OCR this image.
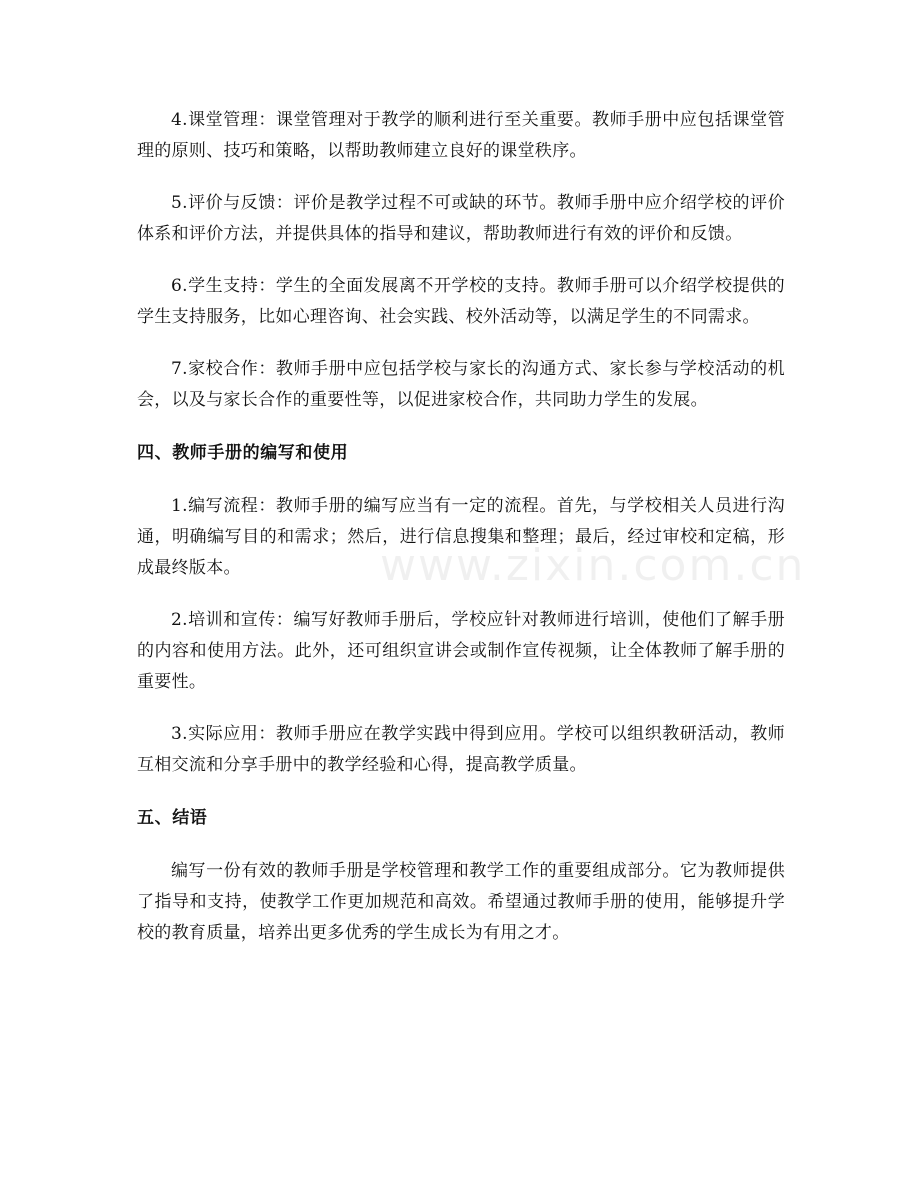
4.课堂管理：课堂管理对于教学的顺利进行至关重要。教师手册中应包括课堂管理的原则、技巧和策略，以帮助教师建立良好的课堂秩序。

5.评价与反馈：评价是教学过程不可或缺的环节。教师手册中应介绍学校的评价体系和评价方法，并提供具体的指导和建议，帮助教师进行有效的评价和反馈。

6.学生支持：学生的全面发展离不开学校的支持。教师手册可以介绍学校提供的学生支持服务，比如心理咨询、社会实践、校外活动等，以满足学生的不同需求。

7.家校合作：教师手册中应包括学校与家长的沟通方式、家长参与学校活动的机会，以及与家长合作的重要性等，以促进家校合作，共同助力学生的发展。

四、教师手册的编写和使用

1.编写流程：教师手册的编写应当有一定的流程。首先，与学校相关人员进行沟通，明确编写目的和需求；然后，进行信息搜集和整理；最后，经过审校和定稿，形成最终版本。

2.培训和宣传：编写好教师手册后，学校应针对教师进行培训，使他们了解手册的内容和使用方法。此外，还可组织宣讲会或制作宣传视频，让全体教师了解手册的重要性。

3.实际应用：教师手册应在教学实践中得到应用。学校可以组织教研活动，教师互相交流和分享手册中的教学经验和心得，提高教学质量。

五、结语

编写一份有效的教师手册是学校管理和教学工作的重要组成部分。它为教师提供了指导和支持，使教学工作更加规范和高效。希望通过教师手册的使用，能够提升学校的教育质量，培养出更多优秀的学生成长为有用之才。

www.zixin.com.cn
